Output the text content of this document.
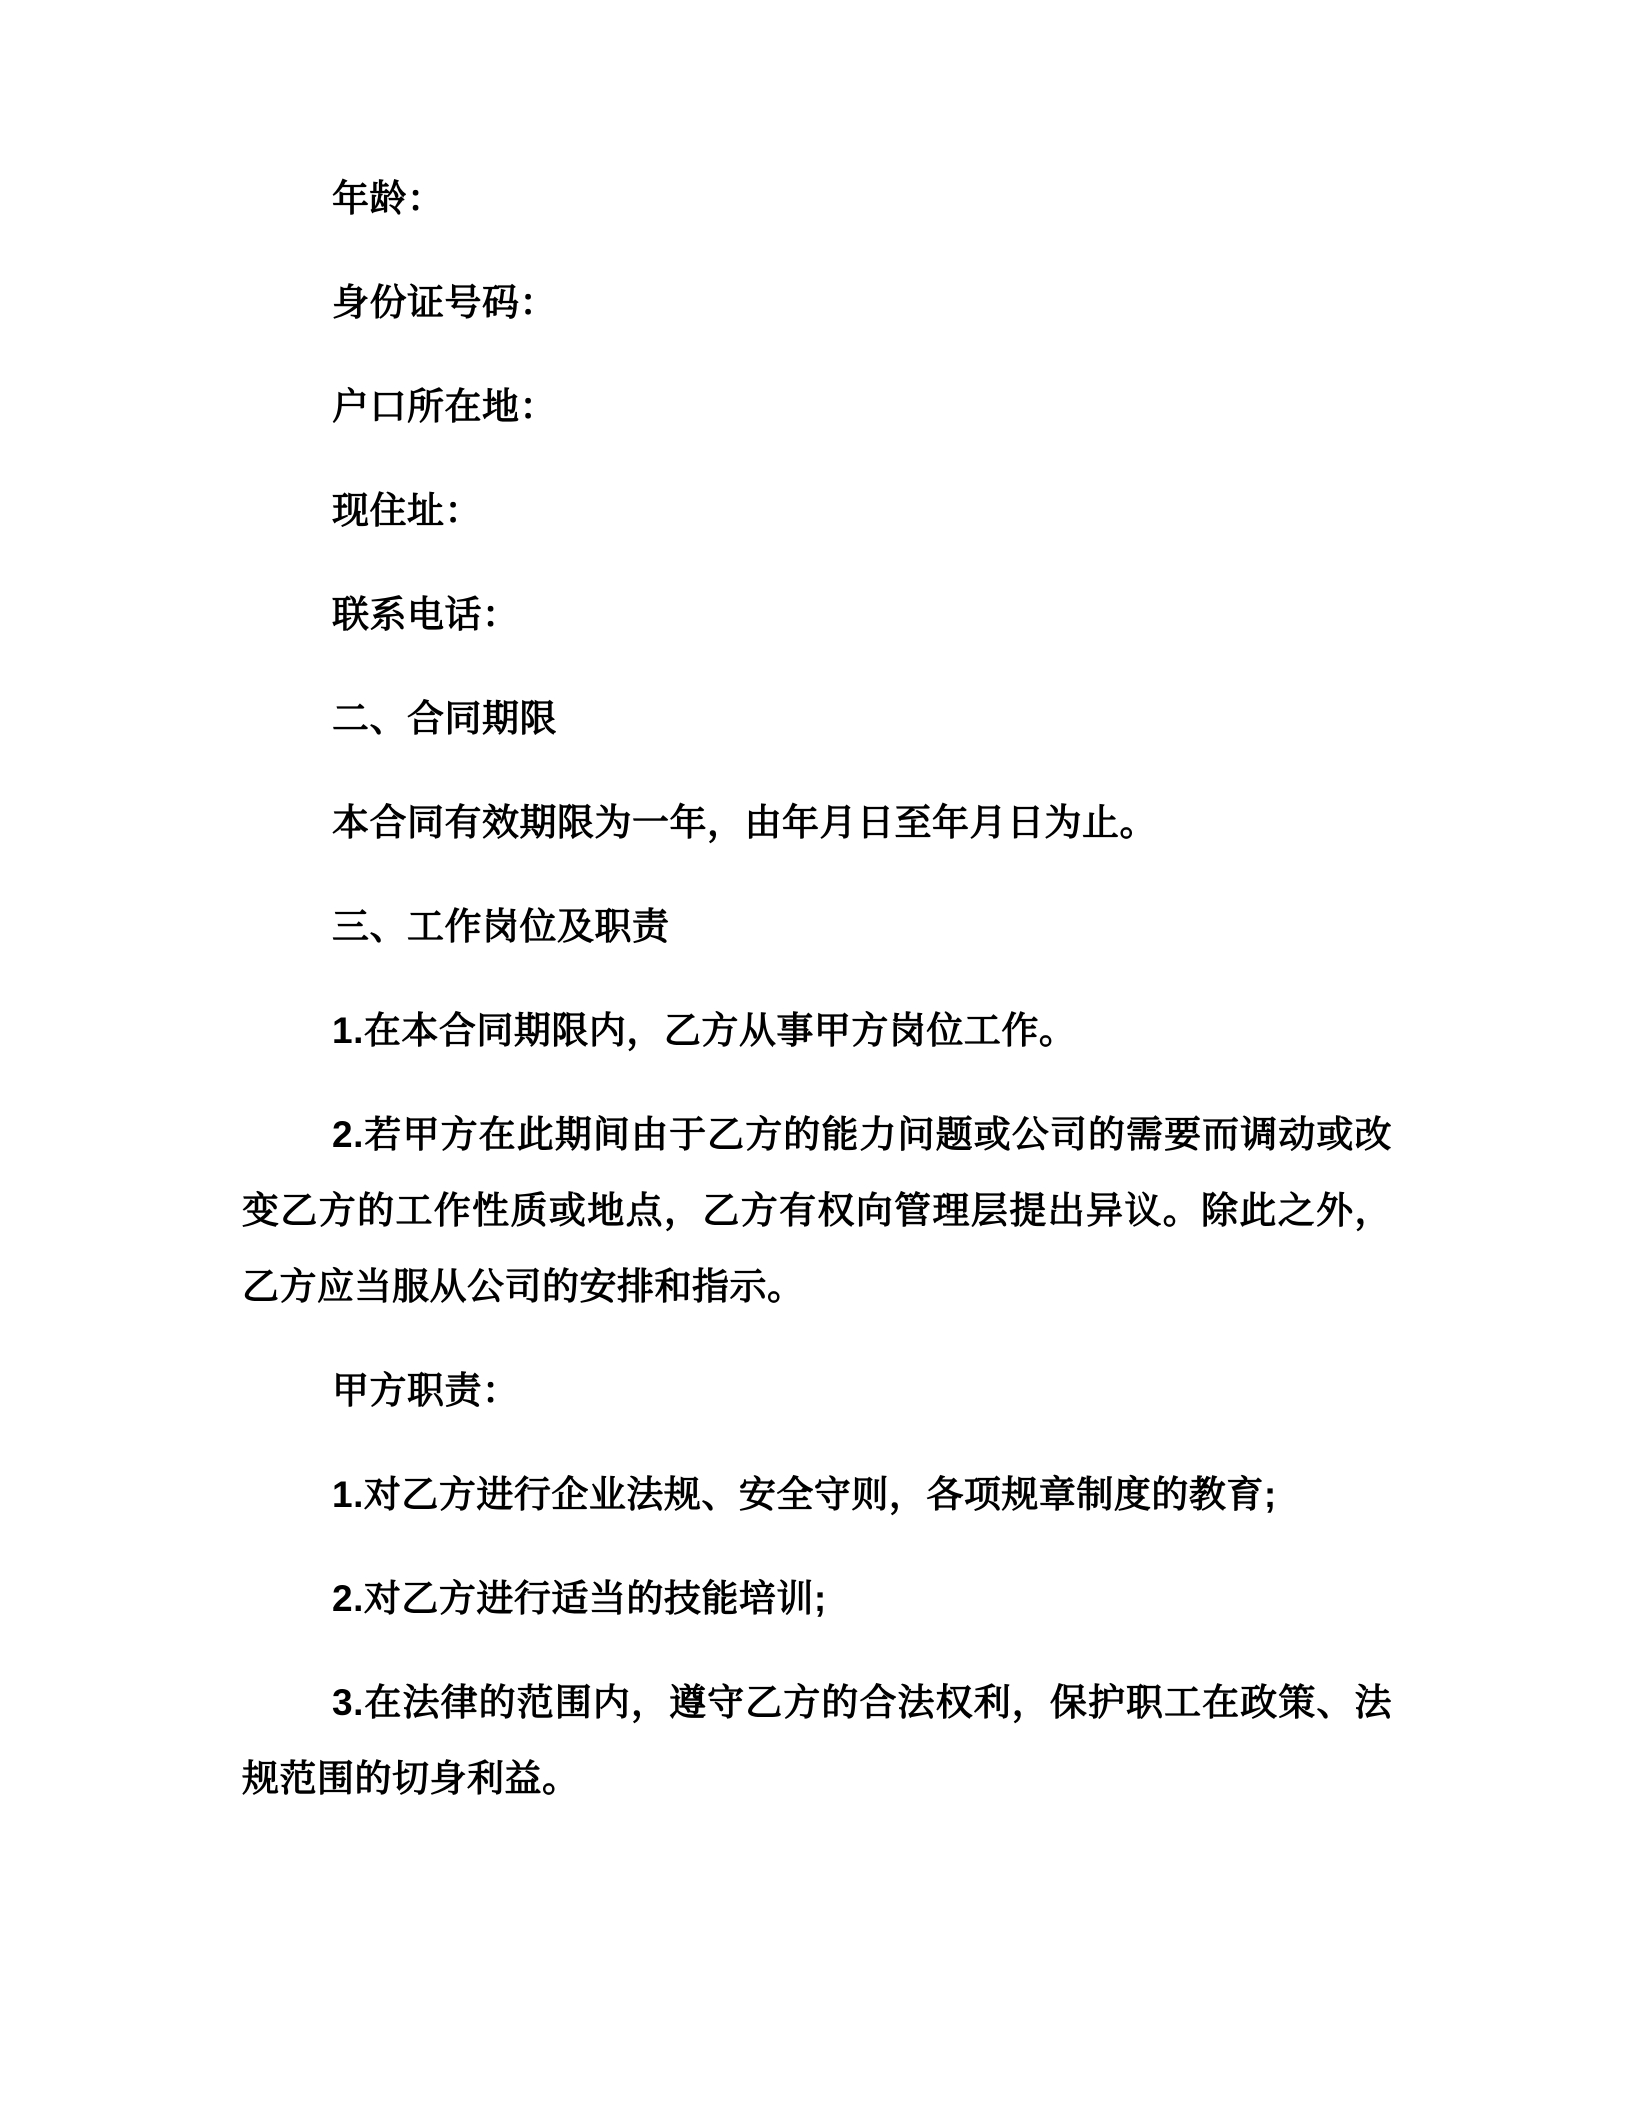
年龄：

身份证号码：

户口所在地：

现住址：

联系电话：

二、合同期限

本合同有效期限为一年，由年月日至年月日为止。

三、工作岗位及职责

1.在本合同期限内，乙方从事甲方岗位工作。

2.若甲方在此期间由于乙方的能力问题或公司的需要而调动或改变乙方的工作性质或地点，乙方有权向管理层提出异议。除此之外，乙方应当服从公司的安排和指示。

甲方职责：

1.对乙方进行企业法规、安全守则，各项规章制度的教育;

2.对乙方进行适当的技能培训;

3.在法律的范围内，遵守乙方的合法权利，保护职工在政策、法规范围的切身利益。
